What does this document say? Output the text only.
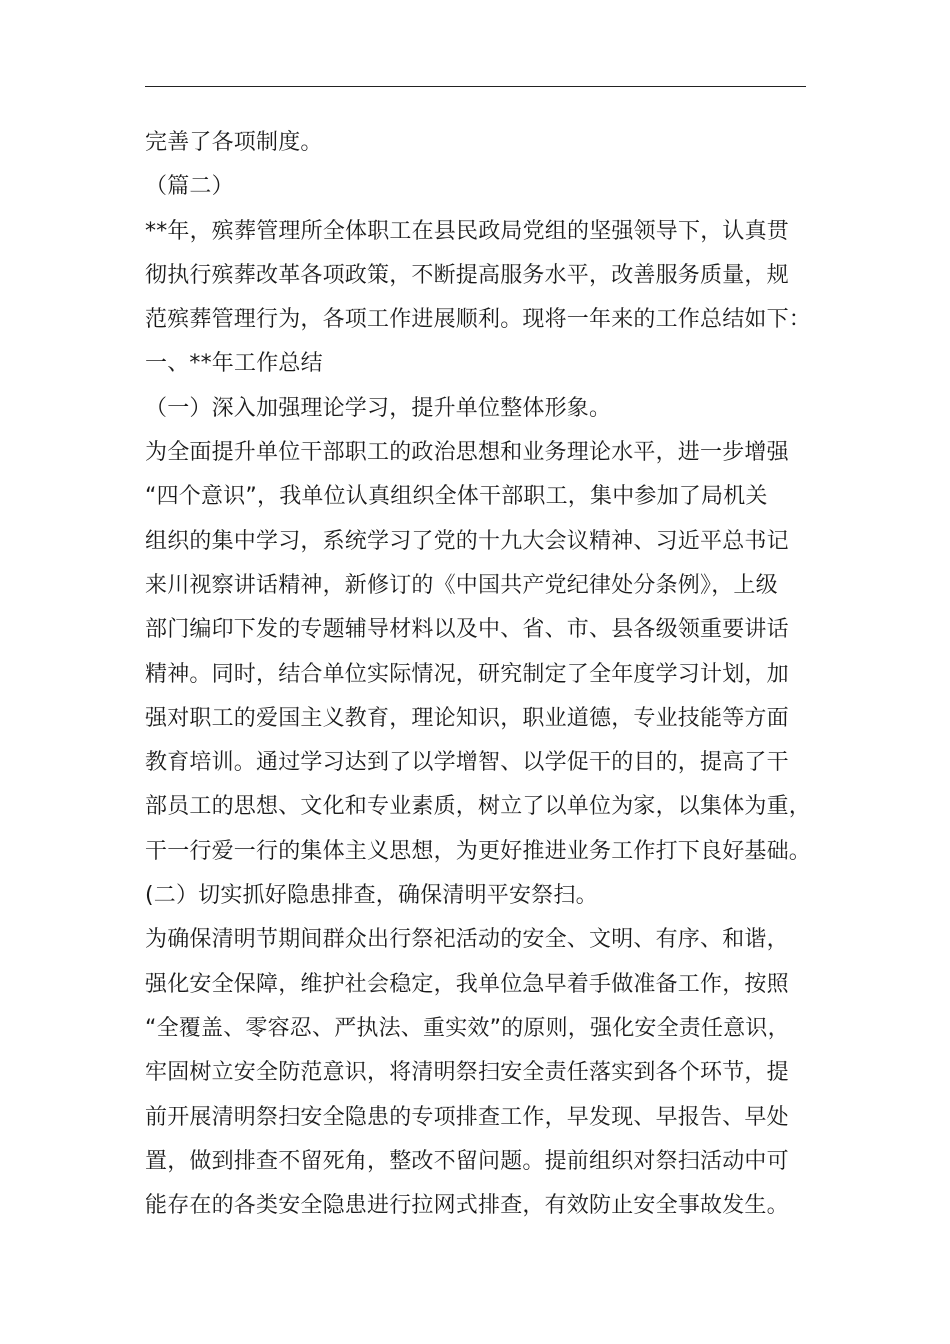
完善了各项制度。
（篇二）
**年，殡葬管理所全体职工在县民政局党组的坚强领导下，认真贯
彻执行殡葬改革各项政策，不断提高服务水平，改善服务质量，规
范殡葬管理行为，各项工作进展顺利。现将一年来的工作总结如下：
一、**年工作总结
（一）深入加强理论学习，提升单位整体形象。
为全面提升单位干部职工的政治思想和业务理论水平，进一步增强
“四个意识”，我单位认真组织全体干部职工，集中参加了局机关
组织的集中学习，系统学习了党的十九大会议精神、习近平总书记
来川视察讲话精神，新修订的《中国共产党纪律处分条例》，上级
部门编印下发的专题辅导材料以及中、省、市、县各级领重要讲话
精神。同时，结合单位实际情况，研究制定了全年度学习计划，加
强对职工的爱国主义教育，理论知识，职业道德，专业技能等方面
教育培训。通过学习达到了以学增智、以学促干的目的，提高了干
部员工的思想、文化和专业素质，树立了以单位为家，以集体为重，
干一行爱一行的集体主义思想，为更好推进业务工作打下良好基础。
(二）切实抓好隐患排查，确保清明平安祭扫。
为确保清明节期间群众出行祭祀活动的安全、文明、有序、和谐，
强化安全保障，维护社会稳定，我单位急早着手做准备工作，按照
“全覆盖、零容忍、严执法、重实效”的原则，强化安全责任意识，
牢固树立安全防范意识，将清明祭扫安全责任落实到各个环节，提
前开展清明祭扫安全隐患的专项排查工作，早发现、早报告、早处
置，做到排查不留死角，整改不留问题。提前组织对祭扫活动中可
能存在的各类安全隐患进行拉网式排查，有效防止安全事故发生。
